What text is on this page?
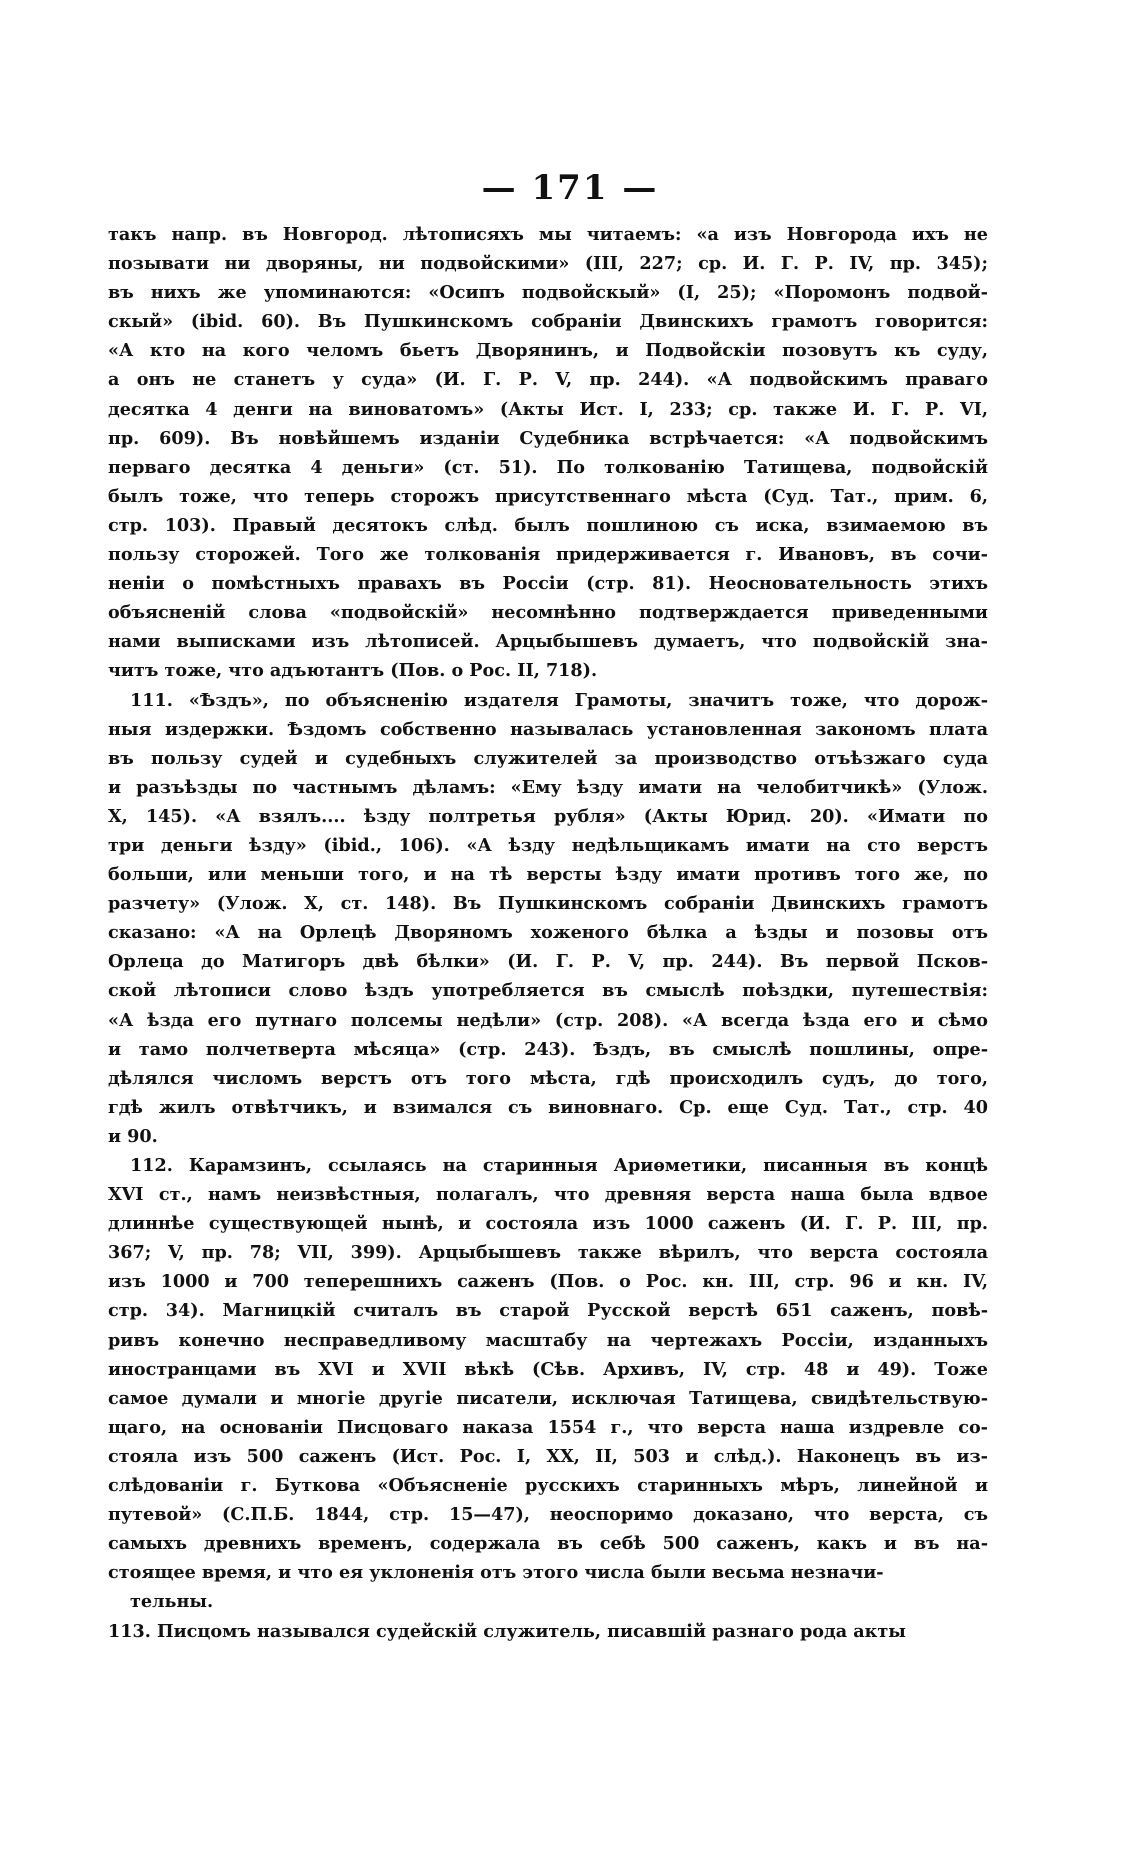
— 171 —
такъ напр. въ Новгород. лѣтописяхъ мы читаемъ: «а изъ Новгорода ихъ не
позывати ни дворяны, ни подвойскими» (III, 227; ср. И. Г. Р. IV, пр. 345);
въ нихъ же упоминаются: «Осипъ подвойскый» (I, 25); «Поромонъ подвой-
скый» (ibid. 60). Въ Пушкинскомъ собраніи Двинскихъ грамотъ говорится:
«А кто на кого челомъ бьетъ Дворянинъ, и Подвойскіи позовутъ къ суду,
а онъ не станетъ у суда» (И. Г. Р. V, пр. 244). «А подвойскимъ праваго
десятка 4 денги на виноватомъ» (Акты Ист. I, 233; ср. также И. Г. Р. VI,
пр. 609). Въ новѣйшемъ изданіи Судебника встрѣчается: «А подвойскимъ
перваго десятка 4 деньги» (ст. 51). По толкованію Татищева, подвойскій
былъ тоже, что теперь сторожъ присутственнаго мѣста (Суд. Тат., прим. 6,
стр. 103). Правый десятокъ слѣд. былъ пошлиною съ иска, взимаемою въ
пользу сторожей. Того же толкованія придерживается г. Ивановъ, въ сочи-
неніи о помѣстныхъ правахъ въ Россіи (стр. 81). Неосновательность этихъ
объясненій слова «подвойскій» несомнѣнно подтверждается приведенными
нами выписками изъ лѣтописей. Арцыбышевъ думаетъ, что подвойскій зна-
читъ тоже, что адъютантъ (Пов. о Рос. II, 718).
111. «Ѣздъ», по объясненію издателя Грамоты, значитъ тоже, что дорож-
ныя издержки. Ѣздомъ собственно называлась установленная закономъ плата
въ пользу судей и судебныхъ служителей за производство отъѣзжаго суда
и разъѣзды по частнымъ дѣламъ: «Ему ѣзду имати на челобитчикѣ» (Улож.
X, 145). «А взялъ.... ѣзду полтретья рубля» (Акты Юрид. 20). «Имати по
три деньги ѣзду» (ibid., 106). «А ѣзду недѣльщикамъ имати на сто верстъ
больши, или меньши того, и на тѣ версты ѣзду имати противъ того же, по
разчету» (Улож. X, ст. 148). Въ Пушкинскомъ собраніи Двинскихъ грамотъ
сказано: «А на Орлецѣ Дворяномъ хоженого бѣлка а ѣзды и позовы отъ
Орлеца до Матигоръ двѣ бѣлки» (И. Г. Р. V, пр. 244). Въ первой Псков-
ской лѣтописи слово ѣздъ употребляется въ смыслѣ поѣздки, путешествія:
«А ѣзда его путнаго полсемы недѣли» (стр. 208). «А всегда ѣзда его и сѣмо
и тамо полчетверта мѣсяца» (стр. 243). Ѣздъ, въ смыслѣ пошлины, опре-
дѣлялся числомъ верстъ отъ того мѣста, гдѣ происходилъ судъ, до того,
гдѣ жилъ отвѣтчикъ, и взимался съ виновнаго. Ср. еще Суд. Тат., стр. 40
и 90.
112. Карамзинъ, ссылаясь на старинныя Ариѳметики, писанныя въ концѣ
XVI ст., намъ неизвѣстныя, полагалъ, что древняя верста наша была вдвое
длиннѣе существующей нынѣ, и состояла изъ 1000 саженъ (И. Г. Р. III, пр.
367; V, пр. 78; VII, 399). Арцыбышевъ также вѣрилъ, что верста состояла
изъ 1000 и 700 теперешнихъ саженъ (Пов. о Рос. кн. III, стр. 96 и кн. IV,
стр. 34). Магницкій считалъ въ старой Русской верстѣ 651 саженъ, повѣ-
ривъ конечно несправедливому масштабу на чертежахъ Россіи, изданныхъ
иностранцами въ XVI и XVII вѣкѣ (Сѣв. Архивъ, IV, стр. 48 и 49). Тоже
самое думали и многіе другіе писатели, исключая Татищева, свидѣтельствую-
щаго, на основаніи Писцоваго наказа 1554 г., что верста наша издревле со-
стояла изъ 500 саженъ (Ист. Рос. I, XX, II, 503 и слѣд.). Наконецъ въ из-
слѣдованіи г. Буткова «Объясненіе русскихъ старинныхъ мѣръ, линейной и
путевой» (С.П.Б. 1844, стр. 15—47), неоспоримо доказано, что верста, съ
самыхъ древнихъ временъ, содержала въ себѣ 500 саженъ, какъ и въ на-
стоящее время, и что ея уклоненія отъ этого числа были весьма незначи-
тельны.
113. Писцомъ назывался судейскій служитель, писавшій разнаго рода акты
